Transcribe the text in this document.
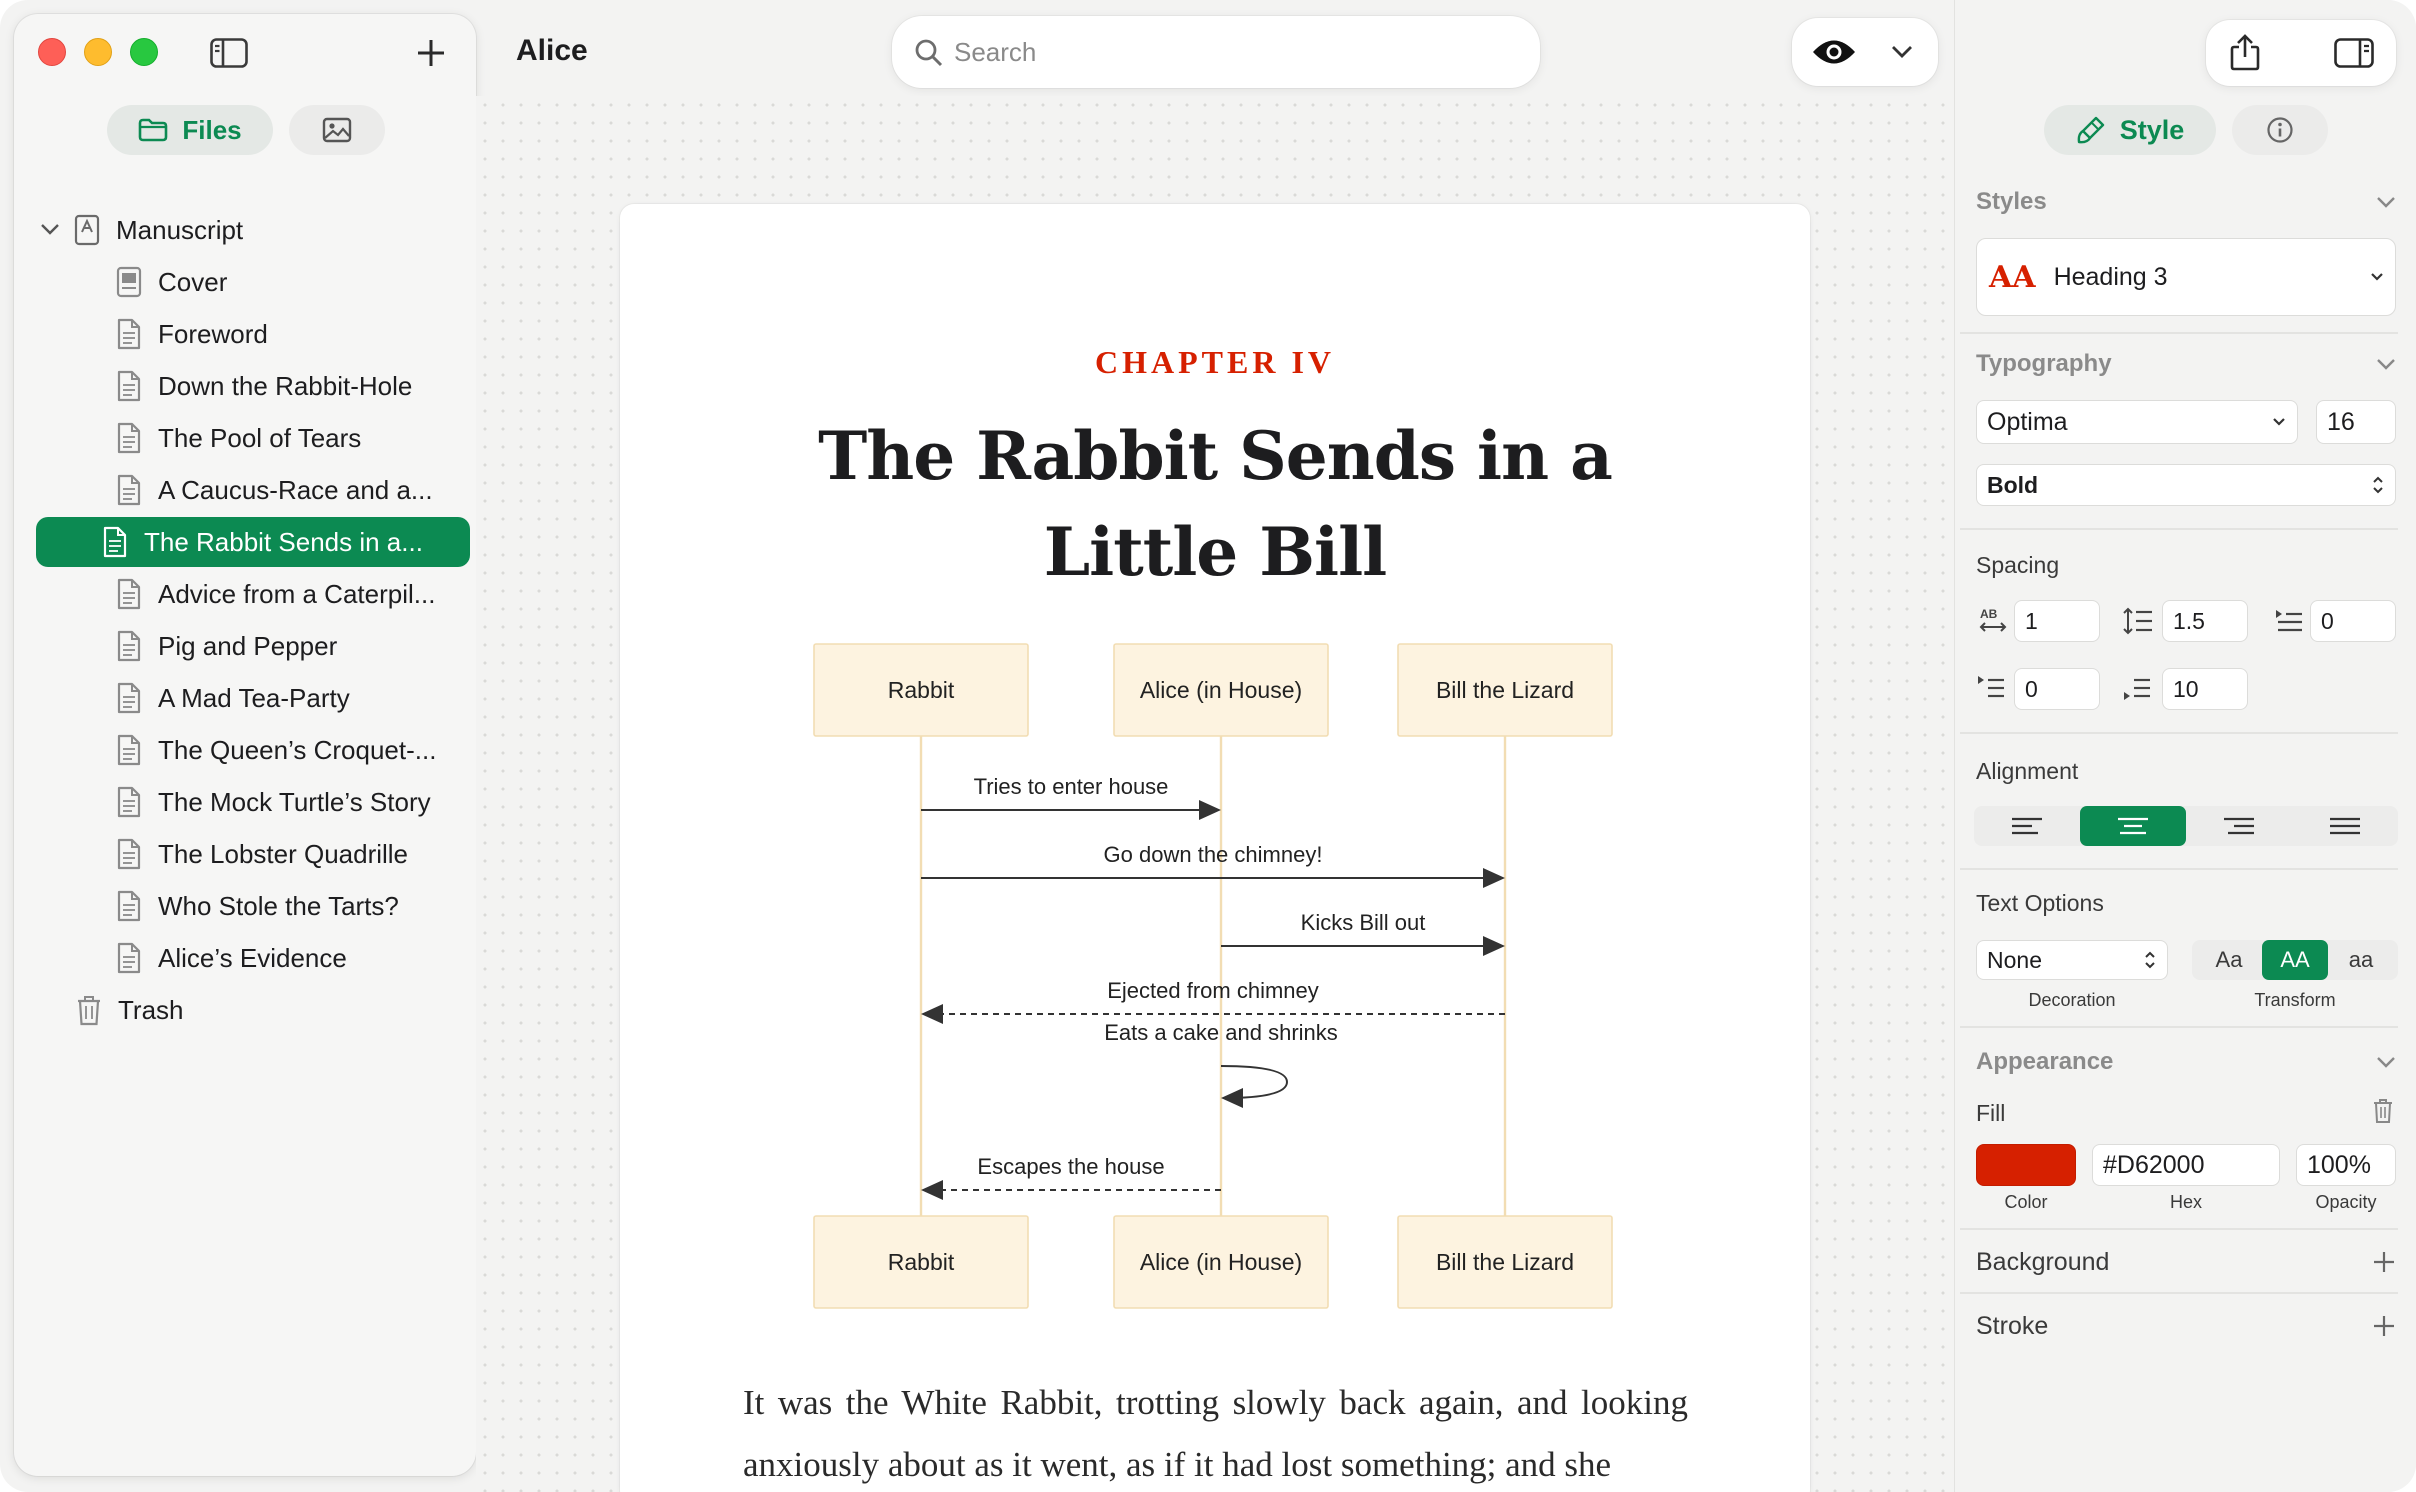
Files
Manuscript
Cover
Foreword
Down the Rabbit-Hole
The Pool of Tears
A Caucus-Race and a...
The Rabbit Sends in a...
Advice from a Caterpil...
Pig and Pepper
A Mad Tea-Party
The Queen’s Croquet-...
The Mock Turtle’s Story
The Lobster Quadrille
Who Stole the Tarts?
Alice’s Evidence
Trash
Alice
Search
CHAPTER IV
The Rabbit Sends in a Little Bill
Rabbit	Alice (in House)	Bill the Lizard
Rabbit	Alice (in House)	Bill the Lizard
Tries to enter house
Go down the chimney!
Kicks Bill out
Ejected from chimney
Eats a cake and shrinks
Escapes the house
It was the White Rabbit, trotting slowly back again, and looking anxiously about as it went, as if it had lost something; and she
Style
Styles
AA Heading 3
Typography
Optima	16
Bold
Spacing
AB 1	1.5	0
0	10
Alignment
Text Options
None	Aa	AA	aa
Decoration	Transform
Appearance
Fill
#D62000	100%
Color	Hex	Opacity
Background
Stroke
